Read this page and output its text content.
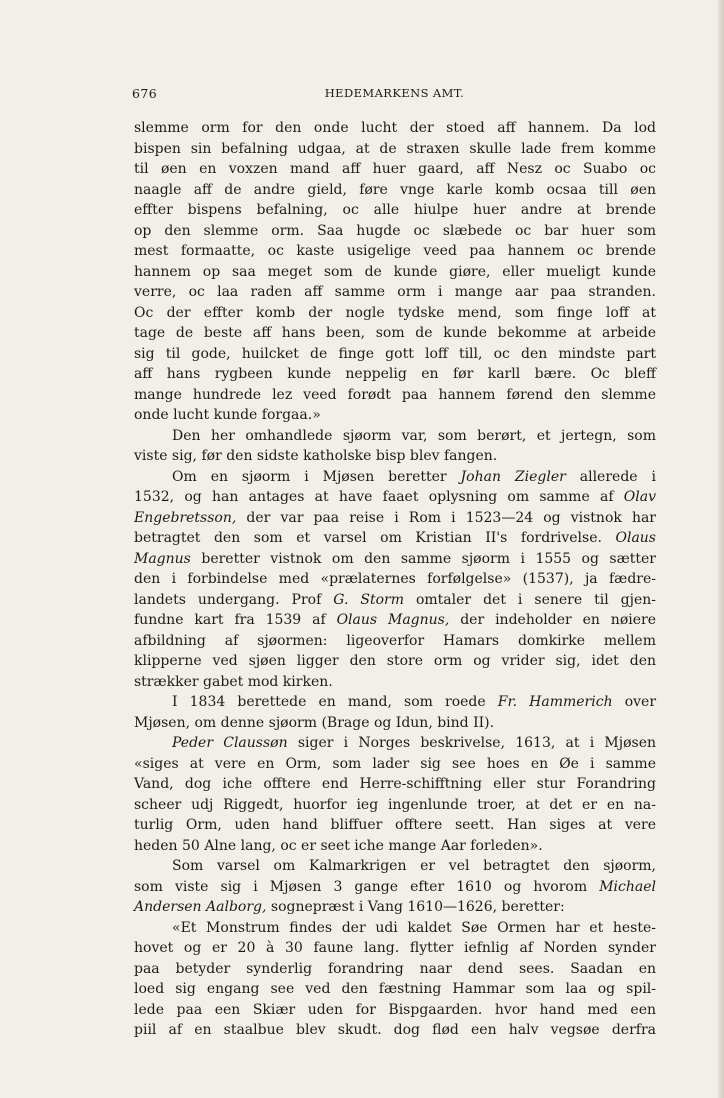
676	HEDEMARKENS AMT.
slemme orm for den onde lucht der stoed aff hannem. Da lod
bispen sin befalning udgaa, at de straxen skulle lade frem komme
til øen en voxzen mand aff huer gaard, aff Nesz oc Suabo oc
naagle aff de andre gield, føre vnge karle komb ocsaa till øen
effter bispens befalning, oc alle hiulpe huer andre at brende
op den slemme orm. Saa hugde oc slæbede oc bar huer som
mest formaatte, oc kaste usigelige veed paa hannem oc brende
hannem op saa meget som de kunde giøre, eller mueligt kunde
verre, oc laa raden aff samme orm i mange aar paa stranden.
Oc der effter komb der nogle tydske mend, som finge loff at
tage de beste aff hans been, som de kunde bekomme at arbeide
sig til gode, huilcket de finge gott loff till, oc den mindste part
aff hans rygbeen kunde neppelig en før karll bære. Oc bleff
mange hundrede lez veed forødt paa hannem førend den slemme
onde lucht kunde forgaa.»
Den her omhandlede sjøorm var, som berørt, et jertegn, som
viste sig, før den sidste katholske bisp blev fangen.
Om en sjøorm i Mjøsen beretter Johan Ziegler allerede i
1532, og han antages at have faaet oplysning om samme af Olav
Engebretsson, der var paa reise i Rom i 1523—24 og vistnok har
betragtet den som et varsel om Kristian II's fordrivelse. Olaus
Magnus beretter vistnok om den samme sjøorm i 1555 og sætter
den i forbindelse med «prælaternes forfølgelse» (1537), ja fædre-
landets undergang. Prof G. Storm omtaler det i senere til gjen-
fundne kart fra 1539 af Olaus Magnus, der indeholder en nøiere
afbildning af sjøormen: ligeoverfor Hamars domkirke mellem
klipperne ved sjøen ligger den store orm og vrider sig, idet den
strækker gabet mod kirken.
I 1834 berettede en mand, som roede Fr. Hammerich over
Mjøsen, om denne sjøorm (Brage og Idun, bind II).
Peder Claussøn siger i Norges beskrivelse, 1613, at i Mjøsen
«siges at vere en Orm, som lader sig see hoes en Øe i samme
Vand, dog iche offtere end Herre-schifftning eller stur Forandring
scheer udj Riggedt, huorfor ieg ingenlunde troer, at det er en na-
turlig Orm, uden hand bliffuer offtere seett. Han siges at vere
heden 50 Alne lang, oc er seet iche mange Aar forleden».
Som varsel om Kalmarkrigen er vel betragtet den sjøorm,
som viste sig i Mjøsen 3 gange efter 1610 og hvorom Michael
Andersen Aalborg, sognepræst i Vang 1610—1626, beretter:
«Et Monstrum findes der udi kaldet Søe Ormen har et heste-
hovet og er 20 à 30 faune lang. flytter iefnlig af Norden synder
paa betyder synderlig forandring naar dend sees. Saadan en
loed sig engang see ved den fæstning Hammar som laa og spil-
lede paa een Skiær uden for Bispgaarden. hvor hand med een
piil af en staalbue blev skudt. dog flød een halv vegsøe derfra
